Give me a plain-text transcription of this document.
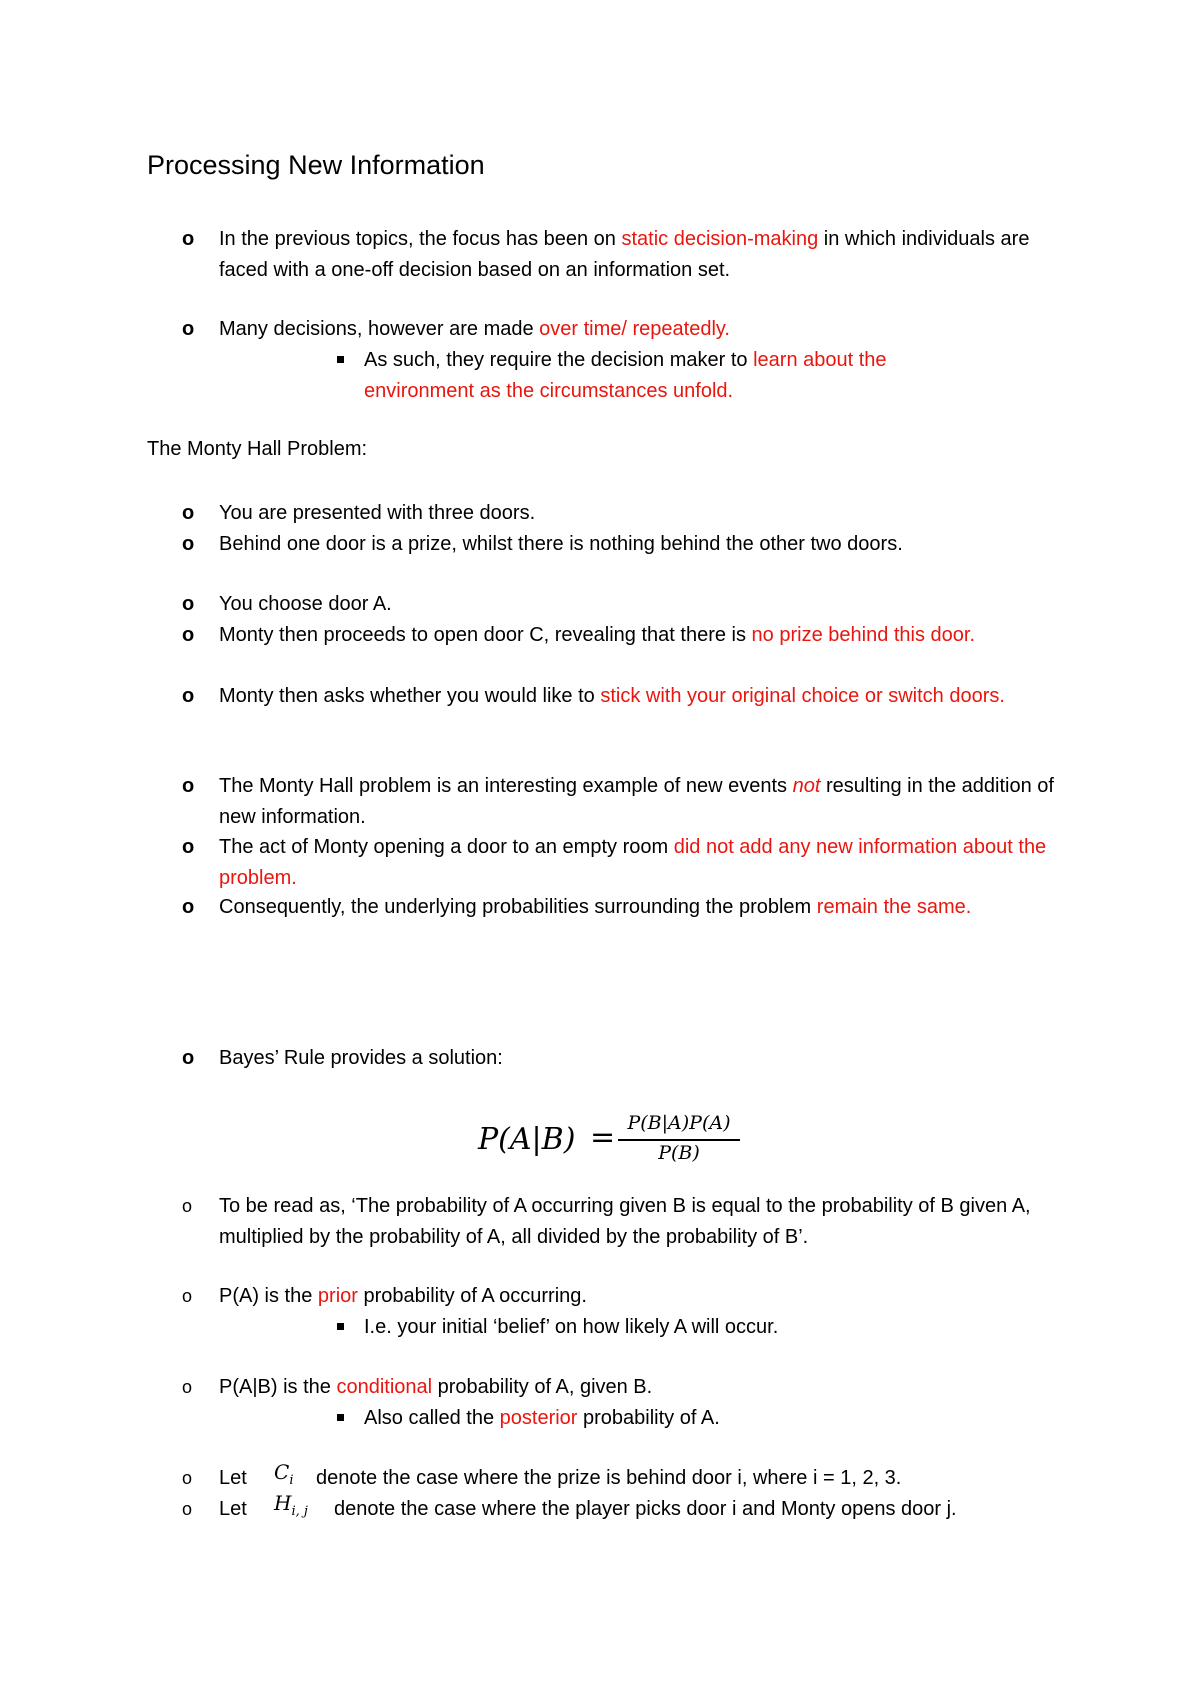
Processing New Information
o In the previous topics, the focus has been on static decision-making in which individuals are faced with a one-off decision based on an information set.
o Many decisions, however are made over time/ repeatedly.
As such, they require the decision maker to learn about the environment as the circumstances unfold.
The Monty Hall Problem:
o You are presented with three doors.
o Behind one door is a prize, whilst there is nothing behind the other two doors.
o You choose door A.
o Monty then proceeds to open door C, revealing that there is no prize behind this door.
o Monty then asks whether you would like to stick with your original choice or switch doors.
o The Monty Hall problem is an interesting example of new events not resulting in the addition of new information.
o The act of Monty opening a door to an empty room did not add any new information about the problem.
o Consequently, the underlying probabilities surrounding the problem remain the same.
o Bayes’ Rule provides a solution:
P(A|B) = P(B|A)P(A)
P(B)
o To be read as, ‘The probability of A occurring given B is equal to the probability of B given A, multiplied by the probability of A, all divided by the probability of B’.
o P(A) is the prior probability of A occurring.
I.e. your initial ‘belief’ on how likely A will occur.
o P(A|B) is the conditional probability of A, given B.
Also called the posterior probability of A.
o Let	$C_i$ denote the case where the prize is behind door i, where i = 1, 2, 3.
o Let	$H_{i, j}$ denote the case where the player picks door i and Monty opens door j.
